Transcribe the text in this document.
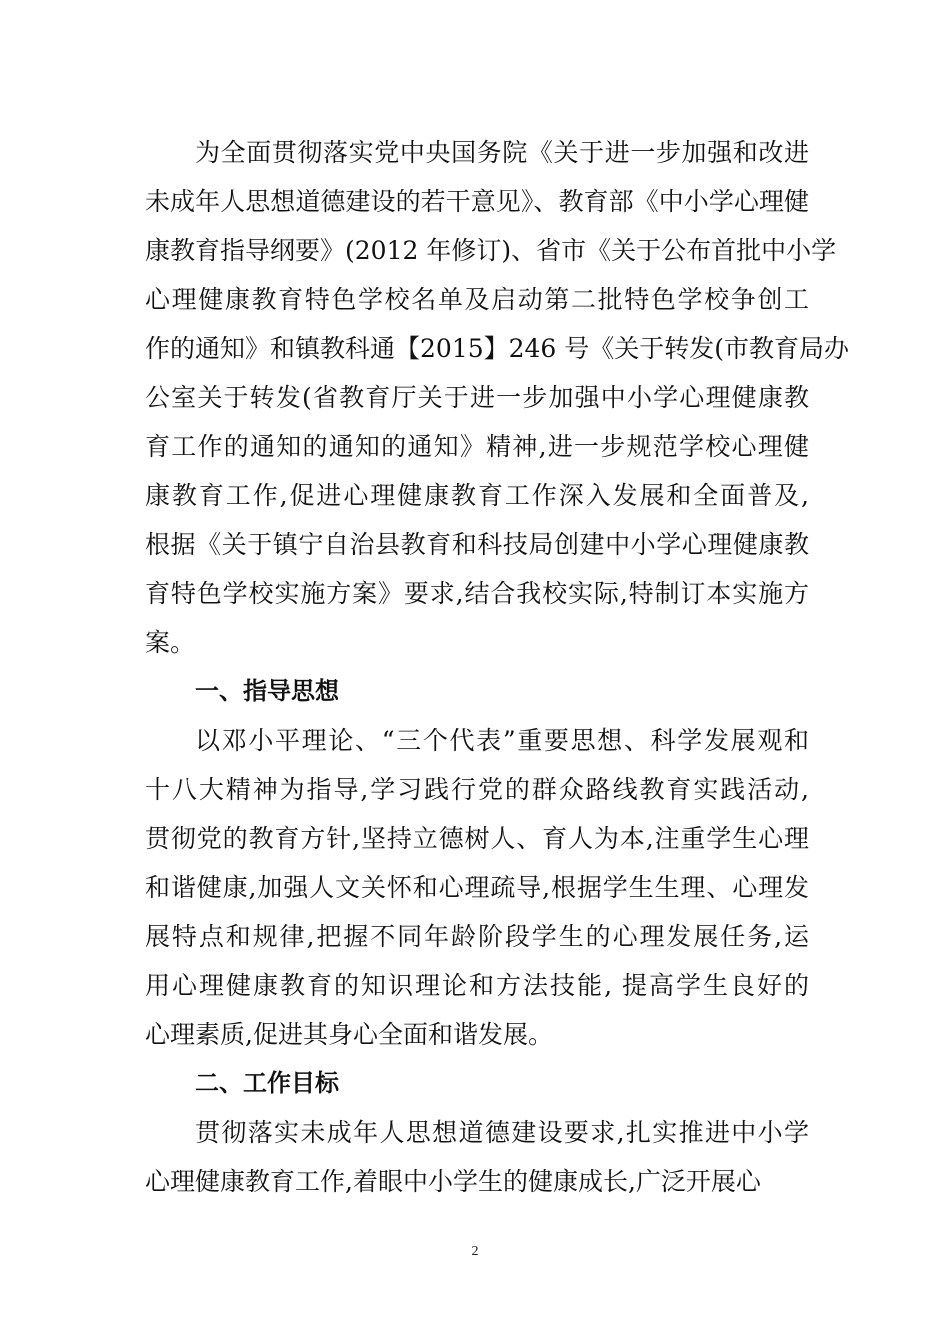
为全面贯彻落实党中央国务院《关于进一步加强和改进
未成年人思想道德建设的若干意见》、教育部《中小学心理健
康教育指导纲要》(2012 年修订)、省市《关于公布首批中小学
心理健康教育特色学校名单及启动第二批特色学校争创工
作的通知》和镇教科通【2015】246 号《关于转发(市教育局办
公室关于转发(省教育厅关于进一步加强中小学心理健康教
育工作的通知的通知的通知》精神,进一步规范学校心理健
康教育工作,促进心理健康教育工作深入发展和全面普及,
根据《关于镇宁自治县教育和科技局创建中小学心理健康教
育特色学校实施方案》要求,结合我校实际,特制订本实施方
案。
一、指导思想
以邓小平理论、“三个代表”重要思想、科学发展观和
十八大精神为指导,学习践行党的群众路线教育实践活动,
贯彻党的教育方针,坚持立德树人、育人为本,注重学生心理
和谐健康,加强人文关怀和心理疏导,根据学生生理、心理发
展特点和规律,把握不同年龄阶段学生的心理发展任务,运
用心理健康教育的知识理论和方法技能, 提高学生良好的
心理素质,促进其身心全面和谐发展。
二、工作目标
贯彻落实未成年人思想道德建设要求,扎实推进中小学
心理健康教育工作,着眼中小学生的健康成长,广泛开展心
2
